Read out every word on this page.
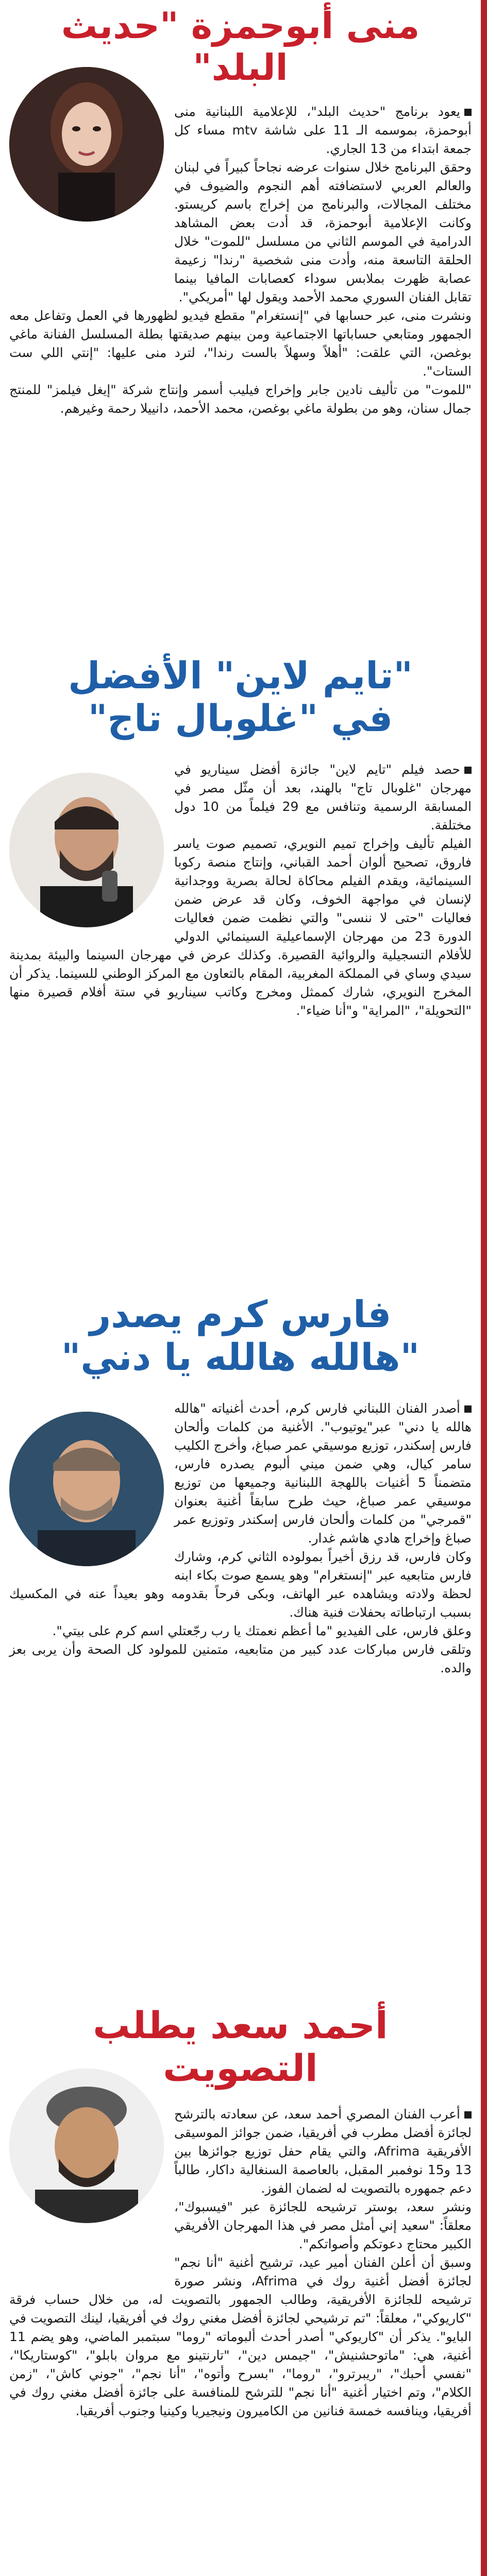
منى أبوحمزة "حديث البلد"

يعود برنامج "حديث البلد"، للإعلامية اللبنانية منى أبوحمزة، بموسمه الـ 11 على شاشة mtv مساء كل جمعة ابتداء من 13 الجاري.

وحقق البرنامج خلال سنوات عرضه نجاحاً كبيراً في لبنان والعالم العربي لاستضافته أهم النجوم والضيوف في مختلف المجالات، والبرنامج من إخراج باسم كريستو. وكانت الإعلامية أبوحمزة، قد أدت بعض المشاهد الدرامية في الموسم الثاني من مسلسل "للموت" خلال الحلقة التاسعة منه، وأدت منى شخصية "رندا" زعيمة عصابة ظهرت بملابس سوداء كعصابات المافيا بينما تقابل الفنان السوري محمد الأحمد ويقول لها "أمريكي".

ونشرت منى، عبر حسابها في "إنستغرام" مقطع فيديو لظهورها في العمل وتفاعل معه الجمهور ومتابعي حساباتها الاجتماعية ومن بينهم صديقتها بطلة المسلسل الفنانة ماغي بوغصن، التي علقت: "أهلاً وسهلاً بالست رندا"، لترد منى عليها: "إنتي اللي ست الستات".

"للموت" من تأليف نادين جابر وإخراج فيليب أسمر وإنتاج شركة "إيغل فيلمز" للمنتج جمال سنان، وهو من بطولة ماغي بوغصن، محمد الأحمد، دانييلا رحمة وغيرهم.

"تايم لاين" الأفضل
في "غلوبال تاج"

حصد فيلم "تايم لاين" جائزة أفضل سيناريو في مهرجان "غلوبال تاج" بالهند، بعد أن مثّل مصر في المسابقة الرسمية وتنافس مع 29 فيلماً من 10 دول مختلفة.

الفيلم تأليف وإخراج تميم النويري، تصميم صوت ياسر فاروق، تصحيح ألوان أحمد القباني، وإنتاج منصة ركوبا السينمائية، ويقدم الفيلم محاكاة لحالة بصرية ووجدانية لإنسان في مواجهة الخوف، وكان قد عرض ضمن فعاليات "حتى لا ننسى" والتي نظمت ضمن فعاليات الدورة 23 من مهرجان الإسماعيلية السينمائي الدولي للأفلام التسجيلية والروائية القصيرة. وكذلك عرض في مهرجان السينما والبيئة بمدينة سيدي وساي في المملكة المغربية، المقام بالتعاون مع المركز الوطني للسينما. يذكر أن المخرج النويري، شارك كممثل ومخرج وكاتب سيناريو في ستة أفلام قصيرة منها "التحويلة"، "المراية" و"أنا ضياء".

فارس كرم يصدر
"هالله هالله يا دني"

أصدر الفنان اللبناني فارس كرم، أحدث أغنياته "هالله هالله يا دني" عبر"يوتيوب". الأغنية من كلمات وألحان فارس إسكندر، توزيع موسيقي عمر صباغ، وأخرج الكليب سامر كيال، وهي ضمن ميني ألبوم يصدره فارس، متضمناً 5 أغنيات باللهجة اللبنانية وجميعها من توزيع موسيقي عمر صباغ، حيث طرح سابقاً أغنية بعنوان "قمرجي" من كلمات وألحان فارس إسكندر وتوزيع عمر صباغ وإخراج هادي هاشم غدار.

وكان فارس، قد رزق أخيراً بمولوده الثاني كرم، وشارك فارس متابعيه عبر "إنستغرام" وهو يسمع صوت بكاء ابنه لحظة ولادته ويشاهده عبر الهاتف، وبكى فرحاً بقدومه وهو بعيداً عنه في المكسيك بسبب ارتباطاته بحفلات فنية هناك.

وعلق فارس، على الفيديو "ما أعظم نعمتك يا رب رجّعتلي اسم كرم على بيتي".

وتلقى فارس مباركات عدد كبير من متابعيه، متمنين للمولود كل الصحة وأن يربى بعز والده.

أحمد سعد يطلب التصويت

أعرب الفنان المصري أحمد سعد، عن سعادته بالترشح لجائزة أفضل مطرب في أفريقيا، ضمن جوائز الموسيقى الأفريقية Afrima، والتي يقام حفل توزيع جوائزها بين 13 و15 نوفمبر المقبل، بالعاصمة السنغالية داكار، طالباً دعم جمهوره بالتصويت له لضمان الفوز.

ونشر سعد، بوستر ترشيحه للجائزة عبر "فيسبوك"، معلقاً: "سعيد إني أمثل مصر في هذا المهرجان الأفريقي الكبير محتاج دعوتكم وأصواتكم".

وسبق أن أعلن الفنان أمير عيد، ترشيح أغنية "أنا نجم" لجائزة أفضل أغنية روك في Afrima، ونشر صورة ترشيحه للجائزة الأفريقية، وطالب الجمهور بالتصويت له، من خلال حساب فرقة "كاريوكي"، معلقاً: "تم ترشيحي لجائزة أفضل مغني روك في أفريقيا، لينك التصويت في البايو". يذكر أن "كاريوكي" أصدر أحدث ألبوماته "روما" سبتمبر الماضي، وهو يضم 11 أغنية، هي: "ماتوحشنيش"، "جيمس دين"، "تارنتينو مع مروان بابلو"، "كوستاريكا"، "نفسي أحبك"، "ريبرترو"، "روما"، "بسرح وأتوه"، "أنا نجم"، "جوني كاش"، "زمن الكلام"، وتم اختيار أغنية "أنا نجم" للترشح للمنافسة على جائزة أفضل مغني روك في أفريقيا، وينافسه خمسة فنانين من الكاميرون ونيجيريا وكينيا وجنوب أفريقيا.
